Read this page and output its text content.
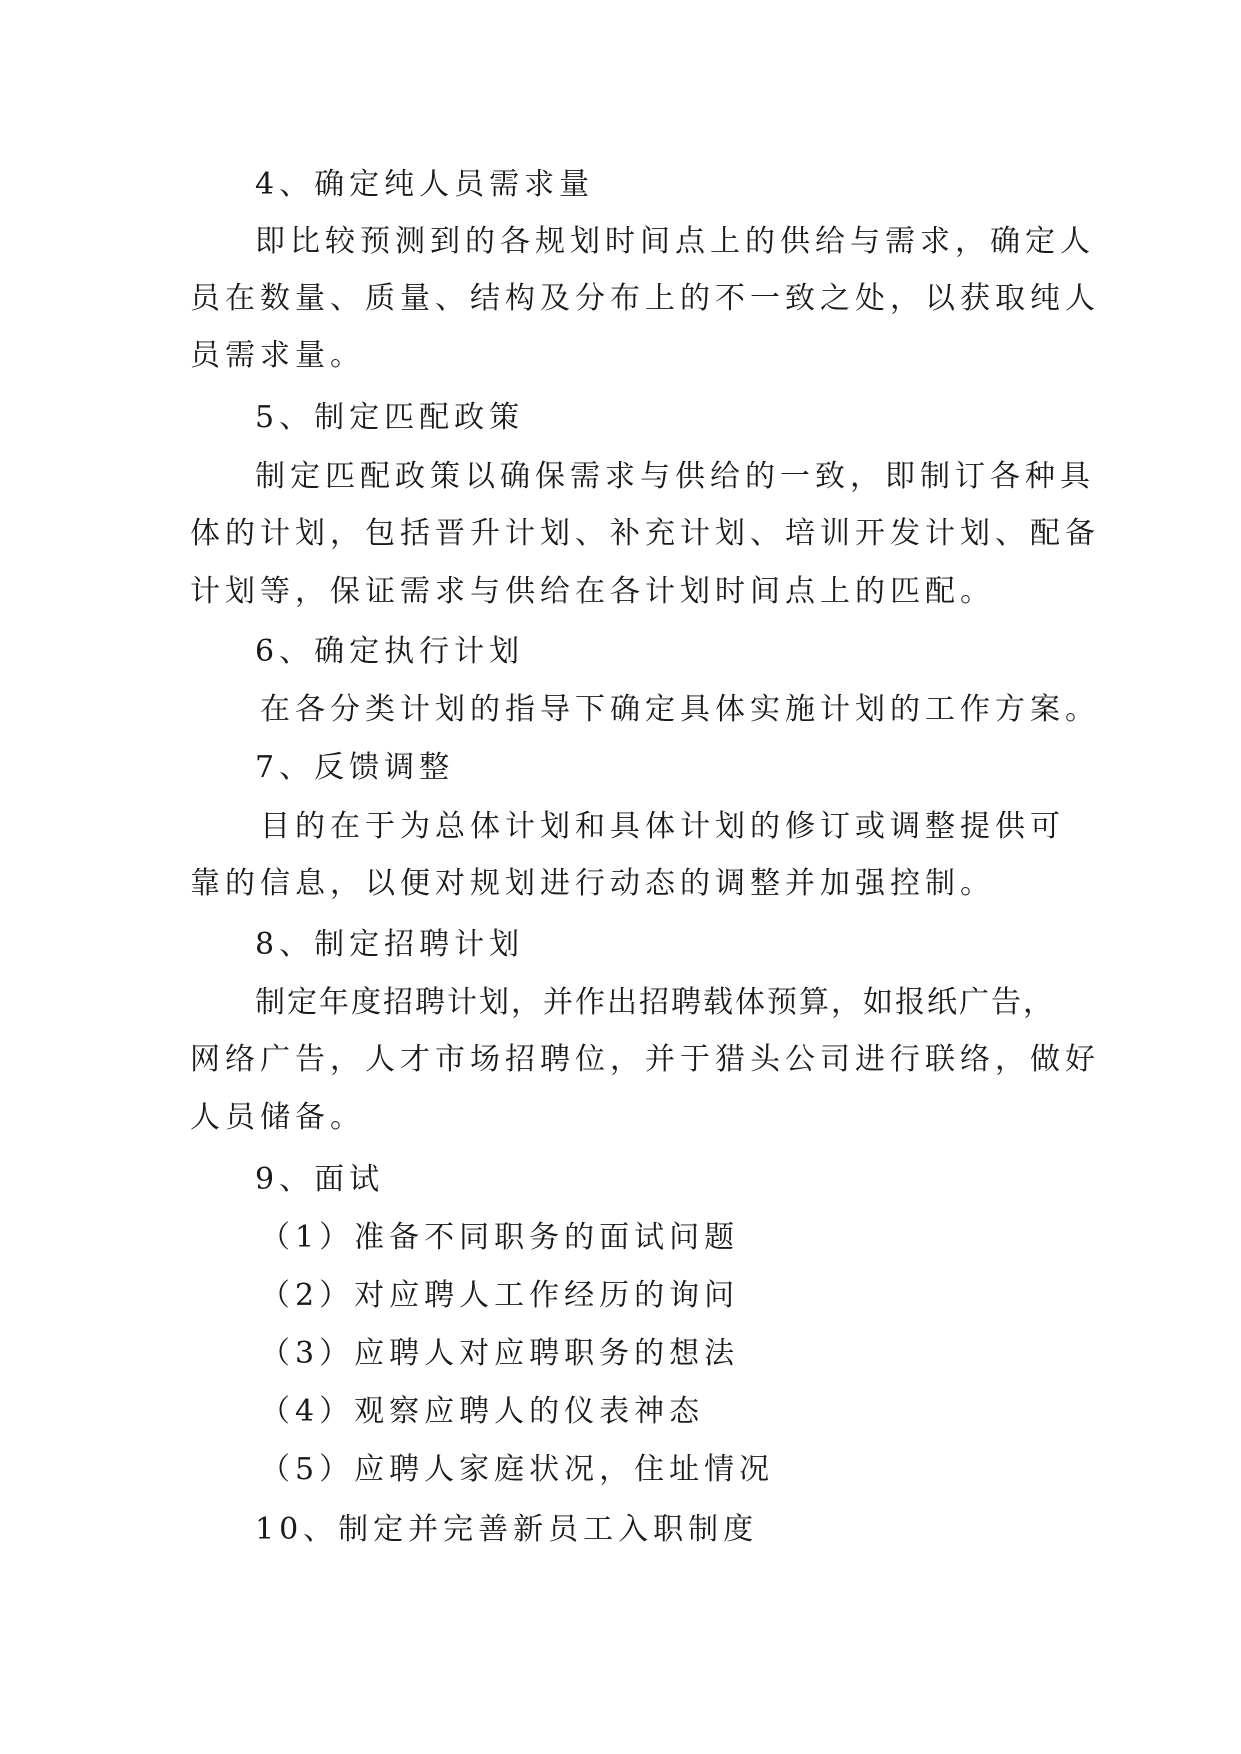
4、确定纯人员需求量
即比较预测到的各规划时间点上的供给与需求，确定人
员在数量、质量、结构及分布上的不一致之处，以获取纯人
员需求量。
5、制定匹配政策
制定匹配政策以确保需求与供给的一致，即制订各种具
体的计划，包括晋升计划、补充计划、培训开发计划、配备
计划等，保证需求与供给在各计划时间点上的匹配。
6、确定执行计划
在各分类计划的指导下确定具体实施计划的工作方案。
7、反馈调整
目的在于为总体计划和具体计划的修订或调整提供可
靠的信息，以便对规划进行动态的调整并加强控制。
8、制定招聘计划
制定年度招聘计划，并作出招聘载体预算，如报纸广告，
网络广告，人才市场招聘位，并于猎头公司进行联络，做好
人员储备。
9、面试
（1）准备不同职务的面试问题
（2）对应聘人工作经历的询问
（3）应聘人对应聘职务的想法
（4）观察应聘人的仪表神态
（5）应聘人家庭状况，住址情况
10、制定并完善新员工入职制度
